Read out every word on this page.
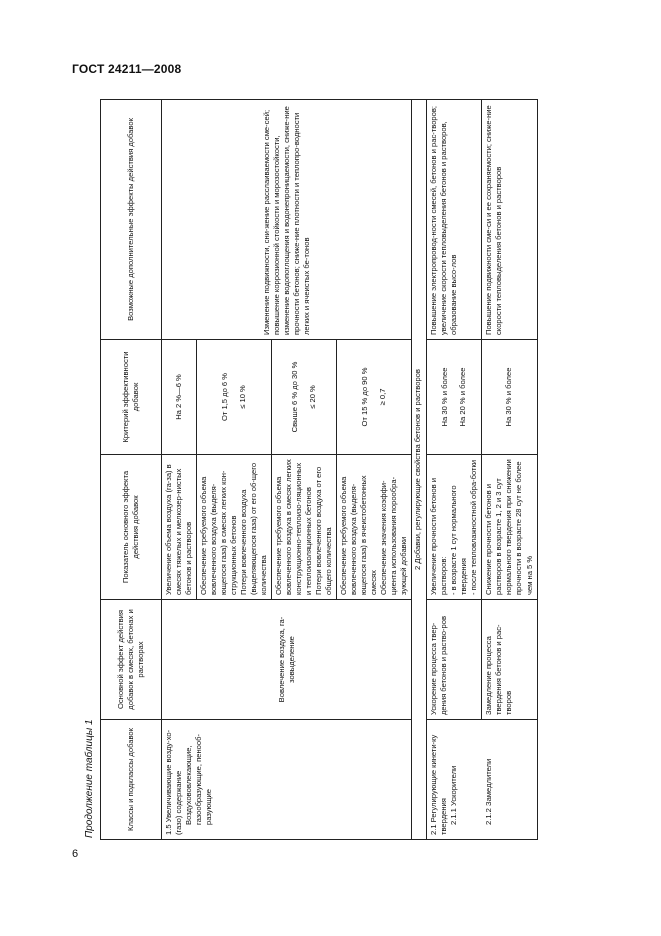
ГОСТ 24211—2008
Продолжение таблицы 1	Классы и подклассы добавок	Основной эффект действия добавок в смесях, бетонах и растворах	Показатель основного эффекта действия добавок	Критерий эффективности добавок	Возможные дополнительные эффекты действия добавок

1.5 Увеличивающие возду-хо- (газо) содержание Воздухововлекающие, газообразующие, пенооб-разующие	Вовлечение воздуха, га-зовыделение	Увеличение объема воздуха (га-за) в смесях тяжелых и мелкозер-нистых бетонов и растворов	На 2 %—6 %	Изменение подвижности, сни-жение расслаиваемости сме-сей; повышение коррозионной стойкости и морозостойкости, изменение водопоглощения и водонепроницаемости, сниже-ние прочности бетонов; сниже-ние плотности и теплопро-водности легких и ячеистых бе-тонов

		Обеспечение требуемого объема вовлеченного воздуха (выделя-ющегося газа) в смесях легких кон-струкционных бетонов Потери вовлеченного воздуха (выделяющегося газа) от его об-щего количества	От 1,5 до 6 % ≤ 10 %	

		Обеспечение требуемого объема вовлеченного воздуха в смесях легких конструкционно-теплоизо-ляционных и теплоизоляционных бетонов Потери вовлеченного воздуха от его общего количества	Свыше 6 % до 30 % ≤ 20 %	

		Обеспечение требуемого объема вовлеченного воздуха (выделя-ющегося газа) в ячеистобетонных смесях Обеспечение значения коэффи-циента использования порообра-зующей добавки	От 15 % до 90 % ≥ 0,7	

2 Добавки, регулирующие свойства бетонов и растворов				

2.1 Регулирующие кинети-ку твердения 2.1.1 Ускорители	Ускорение процесса твер-дения бетонов и раство-ров	Увеличение прочности бетонов и растворов: - в возрасте 1 сут нормального твердения - после тепловлажностной обра-ботки	На 30 % и более На 20 % и более	Повышение электропровод-ности смесей, бетонов и рас-творов; увеличение скорости тепловыделения бетонов и растворов, образование высо-лов

2.1.2 Замедлители	Замедление процесса твердения бетонов и рас-творов	Снижение прочности бетонов и растворов в возрасте 1, 2 и 3 сут нормального твердения при снижении прочности в возрасте 28 сут не более чем на 5 %	На 30 % и более	Повышение подвижности сме-си и ее сохраняемости; сниже-ние скорости тепловыделения бетонов и растворов
6
